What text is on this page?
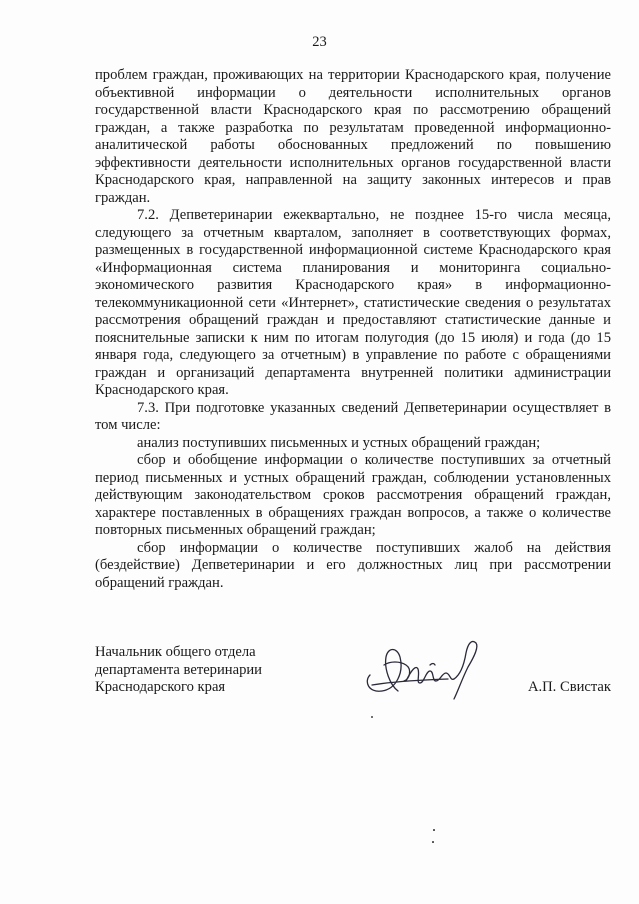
23

проблем граждан, проживающих на территории Краснодарского края, получение объективной информации о деятельности исполнительных органов государственной власти Краснодарского края по рассмотрению обращений граждан, а также разработка по результатам проведенной информационно-аналитической работы обоснованных предложений по повышению эффективности деятельности исполнительных органов государственной власти Краснодарского края, направленной на защиту законных интересов и прав граждан.

7.2. Депветеринарии ежеквартально, не позднее 15-го числа месяца, следующего за отчетным кварталом, заполняет в соответствующих формах, размещенных в государственной информационной системе Краснодарского края «Информационная система планирования и мониторинга социально-экономического развития Краснодарского края» в информационно-телекоммуникационной сети «Интернет», статистические сведения о результатах рассмотрения обращений граждан и предоставляют статистические данные и пояснительные записки к ним по итогам полугодия (до 15 июля) и года (до 15 января года, следующего за отчетным) в управление по работе с обращениями граждан и организаций департамента внутренней политики администрации Краснодарского края.

7.3. При подготовке указанных сведений Депветеринарии осуществляет в том числе:

анализ поступивших письменных и устных обращений граждан;

сбор и обобщение информации о количестве поступивших за отчетный период письменных и устных обращений граждан, соблюдении установленных действующим законодательством сроков рассмотрения обращений граждан, характере поставленных в обращениях граждан вопросов, а также о количестве повторных письменных обращений граждан;

сбор информации о количестве поступивших жалоб на действия (бездействие) Депветеринарии и его должностных лиц при рассмотрении обращений граждан.

Начальник общего отдела
департамента ветеринарии
Краснодарского края	А.П. Свистак
